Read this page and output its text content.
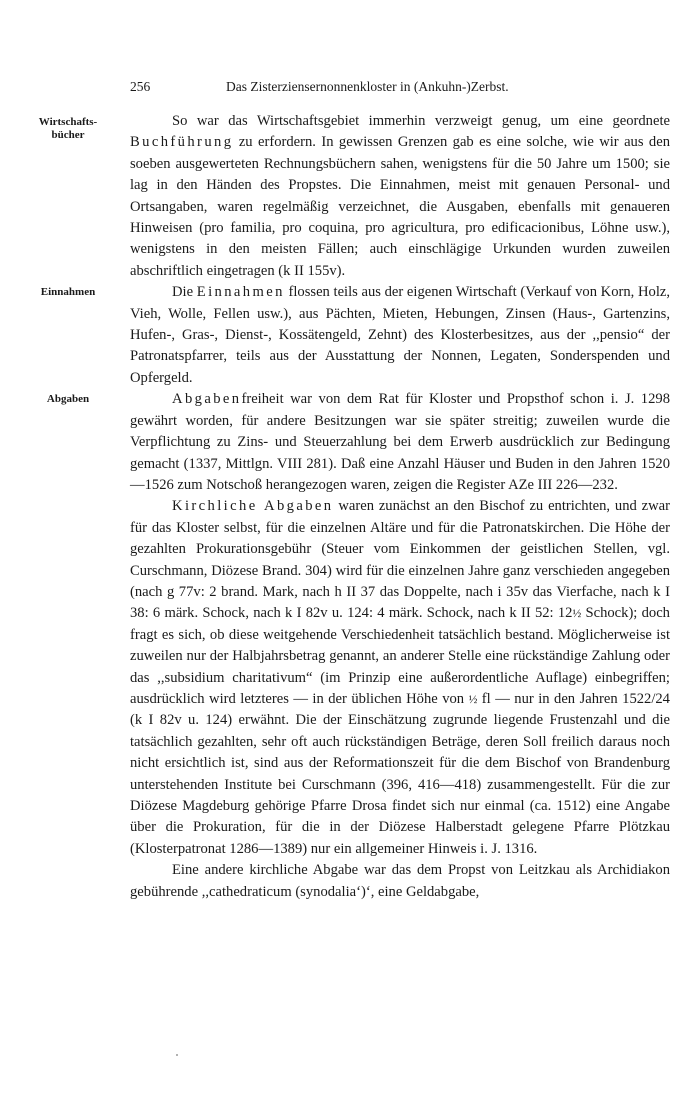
256	Das Zisterziensernonnenkloster in (Ankuhn-)Zerbst.
Wirtschafts-
bücher
Einnahmen
Abgaben

So war das Wirtschaftsgebiet immerhin verzweigt genug, um eine geordnete Buchführung zu erfordern. In gewissen Grenzen gab es eine solche, wie wir aus den soeben ausgewerteten Rechnungsbüchern sahen, wenigstens für die 50 Jahre um 1500; sie lag in den Händen des Propstes. Die Einnahmen, meist mit genauen Personal- und Ortsangaben, waren regelmäßig verzeichnet, die Ausgaben, ebenfalls mit genaueren Hinweisen (pro familia, pro coquina, pro agricultura, pro edificacionibus, Löhne usw.), wenigstens in den meisten Fällen; auch einschlägige Urkunden wurden zuweilen abschriftlich eingetragen (k II 155v).

Die Einnahmen flossen teils aus der eigenen Wirtschaft (Verkauf von Korn, Holz, Vieh, Wolle, Fellen usw.), aus Pächten, Mieten, Hebungen, Zinsen (Haus-, Gartenzins, Hufen-, Gras-, Dienst-, Kossätengeld, Zehnt) des Klosterbesitzes, aus der ,,pensio“ der Patronatspfarrer, teils aus der Ausstattung der Nonnen, Legaten, Sonderspenden und Opfergeld.

Abgabenfreiheit war von dem Rat für Kloster und Propsthof schon i. J. 1298 gewährt worden, für andere Besitzungen war sie später streitig; zuweilen wurde die Verpflichtung zu Zins- und Steuerzahlung bei dem Erwerb ausdrücklich zur Bedingung gemacht (1337, Mittlgn. VIII 281). Daß eine Anzahl Häuser und Buden in den Jahren 1520—1526 zum Notschoß herangezogen waren, zeigen die Register AZe III 226—232.

Kirchliche Abgaben waren zunächst an den Bischof zu entrichten, und zwar für das Kloster selbst, für die einzelnen Altäre und für die Patronatskirchen. Die Höhe der gezahlten Prokurationsgebühr (Steuer vom Einkommen der geistlichen Stellen, vgl. Curschmann, Diözese Brand. 304) wird für die einzelnen Jahre ganz verschieden angegeben (nach g 77v: 2 brand. Mark, nach h II 37 das Doppelte, nach i 35v das Vierfache, nach k I 38: 6 märk. Schock, nach k I 82v u. 124: 4 märk. Schock, nach k II 52: 12½ Schock); doch fragt es sich, ob diese weitgehende Verschiedenheit tatsächlich bestand. Möglicherweise ist zuweilen nur der Halbjahrsbetrag genannt, an anderer Stelle eine rückständige Zahlung oder das ,,subsidium charitativum“ (im Prinzip eine außerordentliche Auflage) einbegriffen; ausdrücklich wird letzteres — in der üblichen Höhe von ½ fl — nur in den Jahren 1522/24 (k I 82v u. 124) erwähnt. Die der Einschätzung zugrunde liegende Frustenzahl und die tatsächlich gezahlten, sehr oft auch rückständigen Beträge, deren Soll freilich daraus noch nicht ersichtlich ist, sind aus der Reformationszeit für die dem Bischof von Brandenburg unterstehenden Institute bei Curschmann (396, 416—418) zusammengestellt. Für die zur Diözese Magdeburg gehörige Pfarre Drosa findet sich nur einmal (ca. 1512) eine Angabe über die Prokuration, für die in der Diözese Halberstadt gelegene Pfarre Plötzkau (Klosterpatronat 1286—1389) nur ein allgemeiner Hinweis i. J. 1316.

Eine andere kirchliche Abgabe war das dem Propst von Leitzkau als Archidiakon gebührende ,,cathedraticum (synodalia‘)‘, eine Geldabgabe,
